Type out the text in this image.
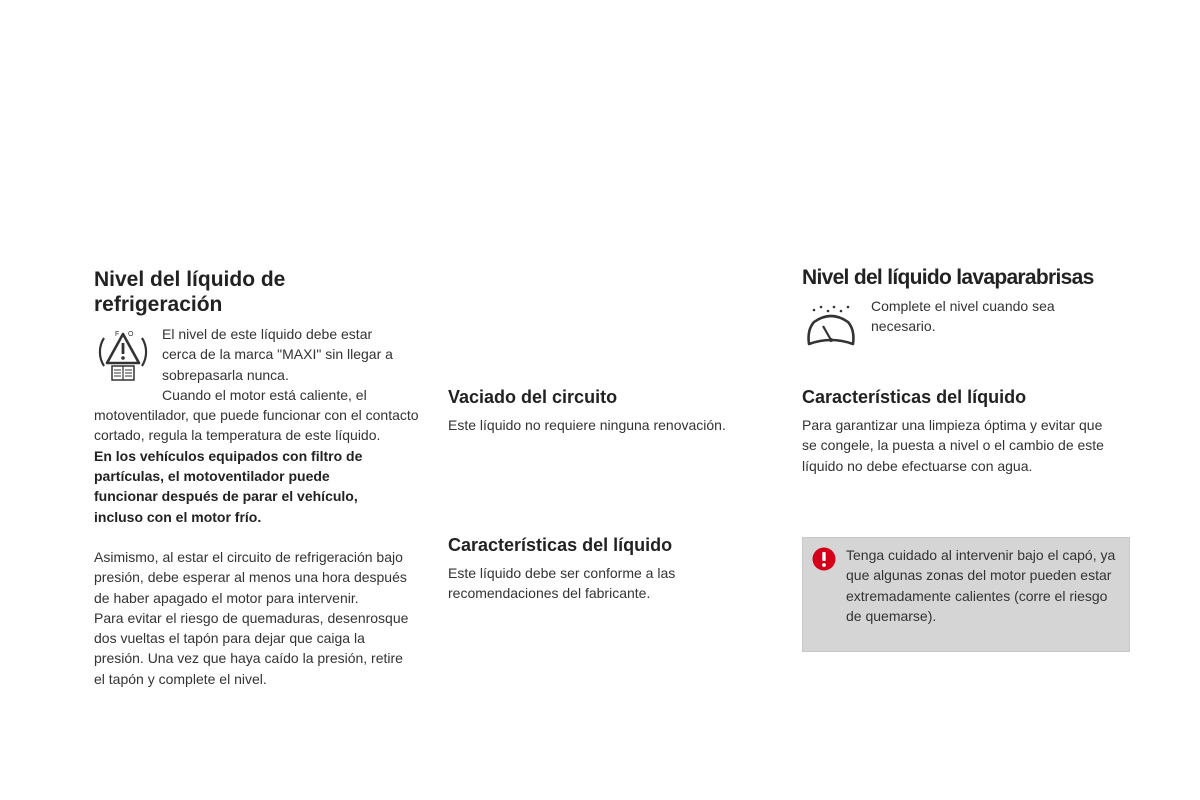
Nivel del líquido de refrigeración
F O	El nivel de este líquido debe estar

cerca de la marca "MAXI" sin llegar a

sobrepasarla nunca.

Cuando el motor está caliente, el

motoventilador, que puede funcionar con el contacto cortado, regula la temperatura de este líquido.

En los vehículos equipados con filtro de partículas, el motoventilador puede funcionar después de parar el vehículo, incluso con el motor frío.

Asimismo, al estar el circuito de refrigeración bajo presión, debe esperar al menos una hora después de haber apagado el motor para intervenir.

Para evitar el riesgo de quemaduras, desenrosque dos vueltas el tapón para dejar que caiga la presión. Una vez que haya caído la presión, retire el tapón y complete el nivel.

Vaciado del circuito

Este líquido no requiere ninguna renovación.

Características del líquido

Este líquido debe ser conforme a las recomendaciones del fabricante.

Nivel del líquido lavaparabrisas

Complete el nivel cuando sea necesario.

Características del líquido

Para garantizar una limpieza óptima y evitar que se congele, la puesta a nivel o el cambio de este líquido no debe efectuarse con agua.

Tenga cuidado al intervenir bajo el capó, ya que algunas zonas del motor pueden estar extremadamente calientes (corre el riesgo de quemarse).
